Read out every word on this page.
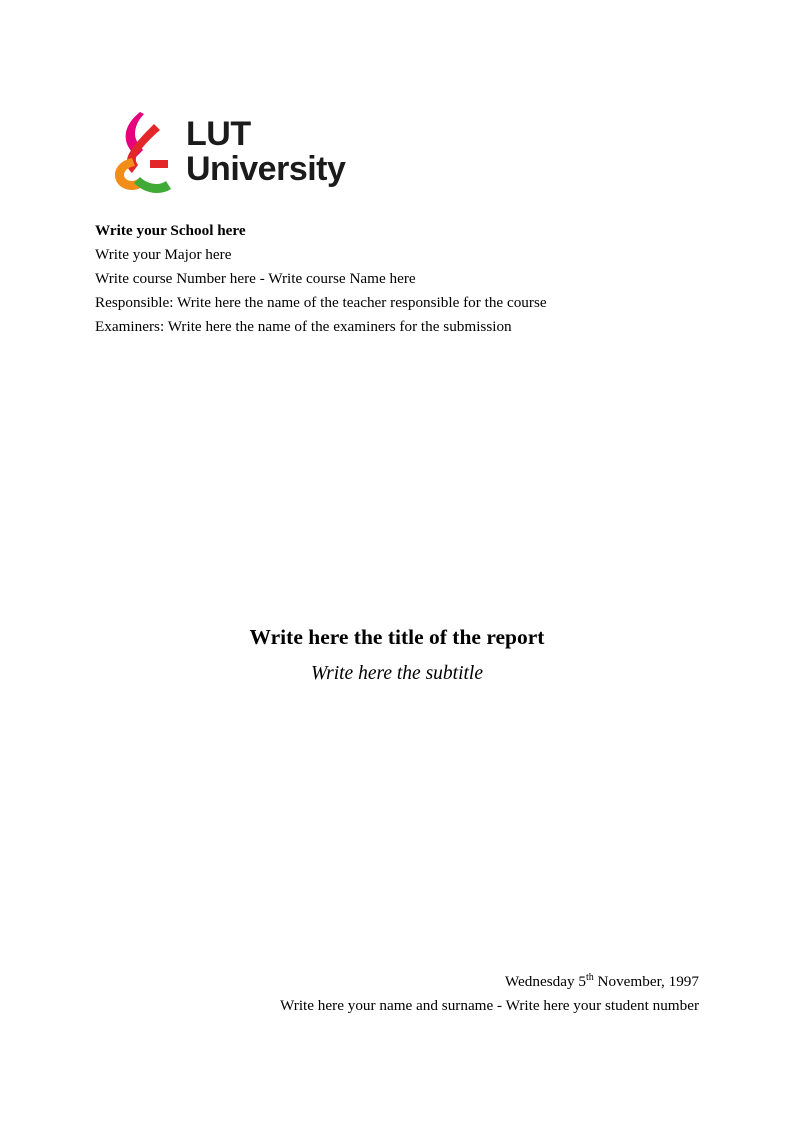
LUT
University
Write your School here
Write your Major here
Write course Number here - Write course Name here
Responsible: Write here the name of the teacher responsible for the course
Examiners: Write here the name of the examiners for the submission
Write here the title of the report
Write here the subtitle
Wednesday 5th November, 1997
Write here your name and surname - Write here your student number
